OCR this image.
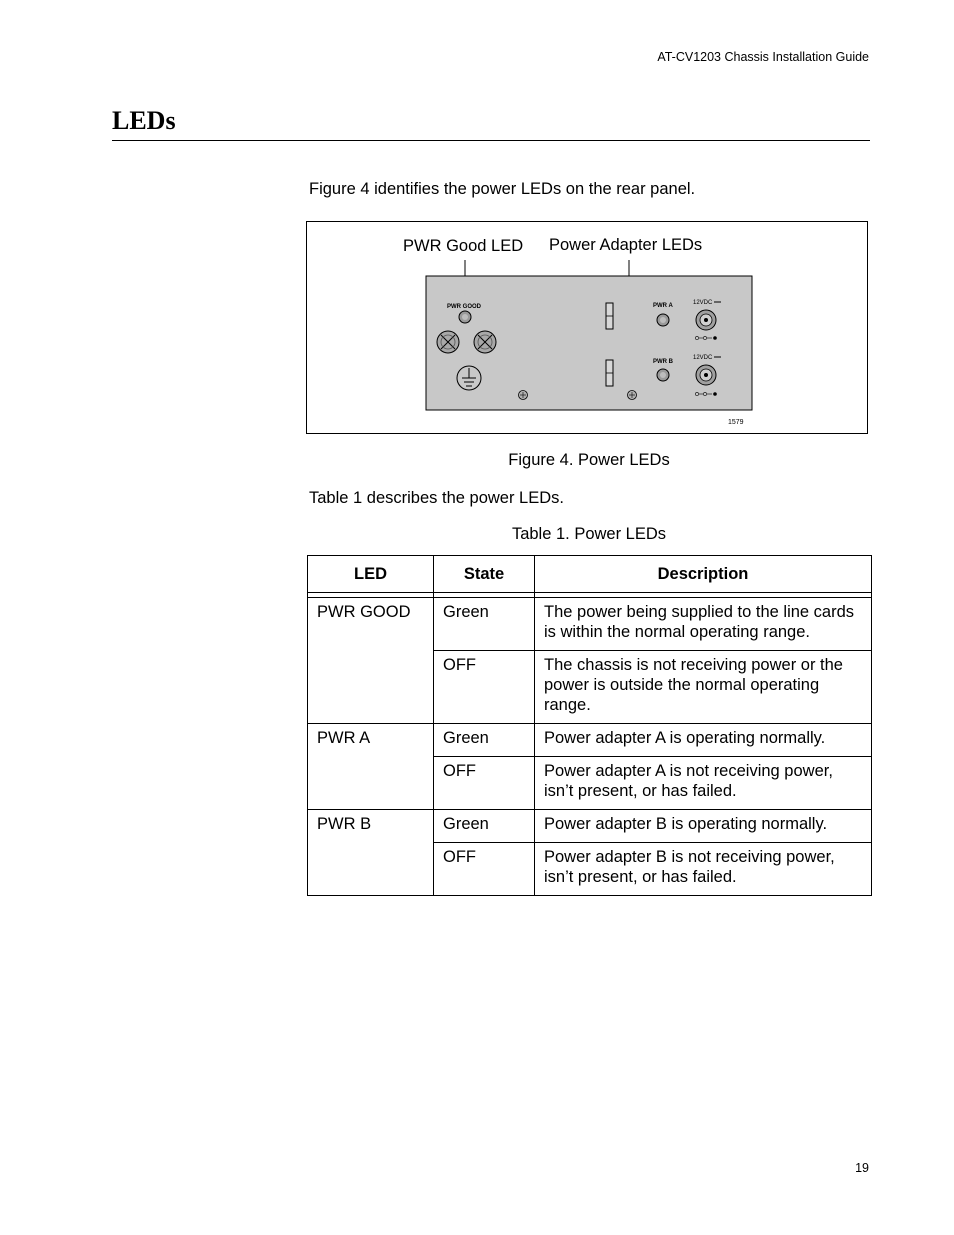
AT-CV1203 Chassis Installation Guide
LEDs
Figure 4 identifies the power LEDs on the rear panel.
PWR Good LED Power Adapter LEDs
PWR GOOD	PWR A	12VDC
PWR B
12VDC
1579
Figure 4. Power LEDs
Table 1 describes the power LEDs.
Table 1. Power LEDs
LED	State	Description

PWR GOOD	Green	The power being supplied to the line cards is within the normal operating range.

	OFF	The chassis is not receiving power or the power is outside the normal operating range.

PWR A	Green	Power adapter A is operating normally.

	OFF	Power adapter A is not receiving power, isn’t present, or has failed.

PWR B	Green	Power adapter B is operating normally.

	OFF	Power adapter B is not receiving power, isn’t present, or has failed.
19
